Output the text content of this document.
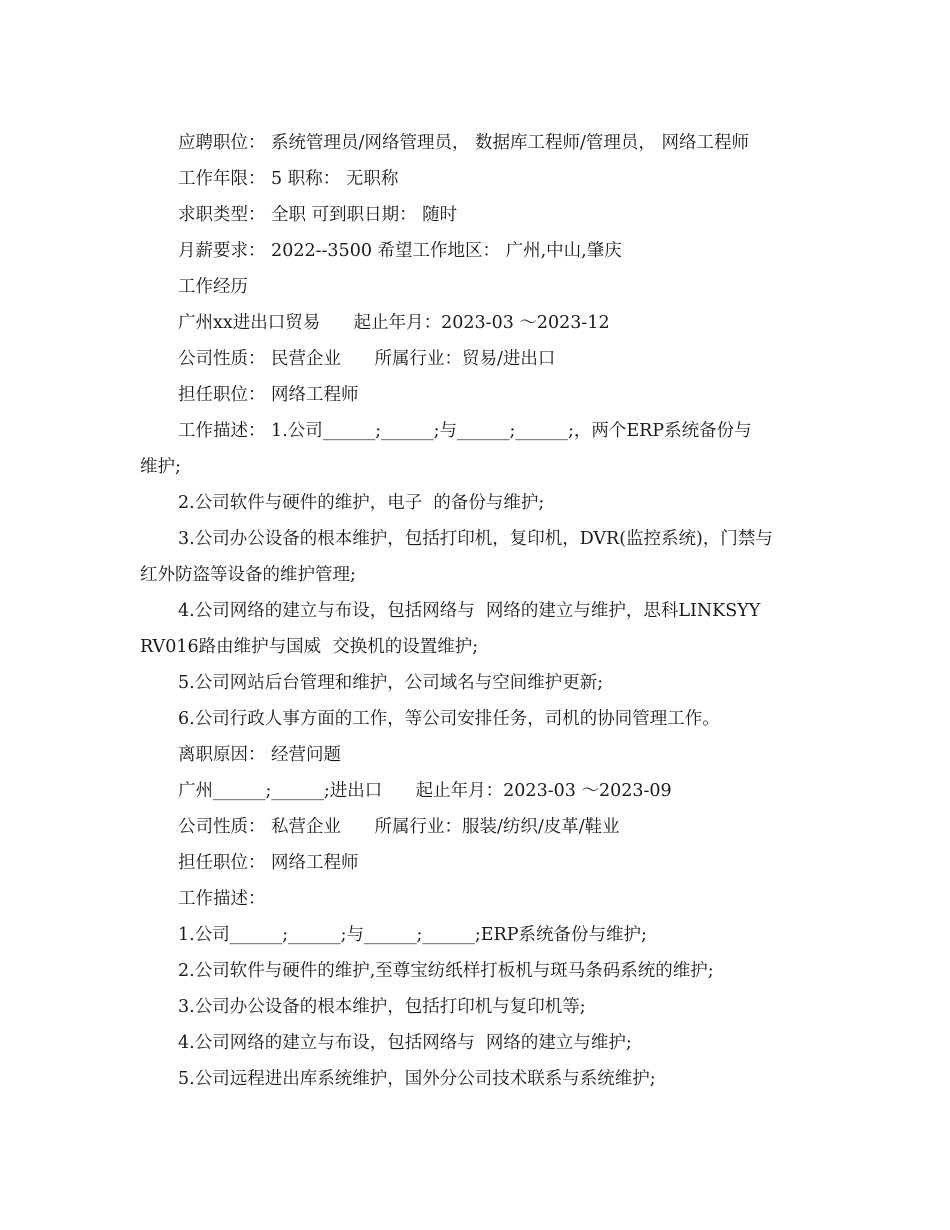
应聘职位： 系统管理员/网络管理员， 数据库工程师/管理员， 网络工程师
工作年限： 5 职称： 无职称
求职类型： 全职 可到职日期： 随时
月薪要求： 2022--3500 希望工作地区： 广州,中山,肇庆
工作经历
广州xx进出口贸易      起止年月：2023-03 ～2023-12
公司性质： 民营企业      所属行业：贸易/进出口
担任职位： 网络工程师
工作描述： 1.公司______;______;与______;______;，两个ERP系统备份与
维护;
2.公司软件与硬件的维护，电子  的备份与维护;
3.公司办公设备的根本维护，包括打印机，复印机，DVR(监控系统)，门禁与
红外防盗等设备的维护管理;
4.公司网络的建立与布设，包括网络与  网络的建立与维护，思科LINKSYY
RV016路由维护与国威  交换机的设置维护;
5.公司网站后台管理和维护，公司域名与空间维护更新;
6.公司行政人事方面的工作，等公司安排任务，司机的协同管理工作。
离职原因： 经营问题
广州______;______;进出口      起止年月：2023-03 ～2023-09
公司性质： 私营企业      所属行业：服装/纺织/皮革/鞋业
担任职位： 网络工程师
工作描述：
1.公司______;______;与______;______;ERP系统备份与维护;
2.公司软件与硬件的维护,至尊宝纺纸样打板机与斑马条码系统的维护;
3.公司办公设备的根本维护，包括打印机与复印机等;
4.公司网络的建立与布设，包括网络与  网络的建立与维护;
5.公司远程进出库系统维护，国外分公司技术联系与系统维护;
